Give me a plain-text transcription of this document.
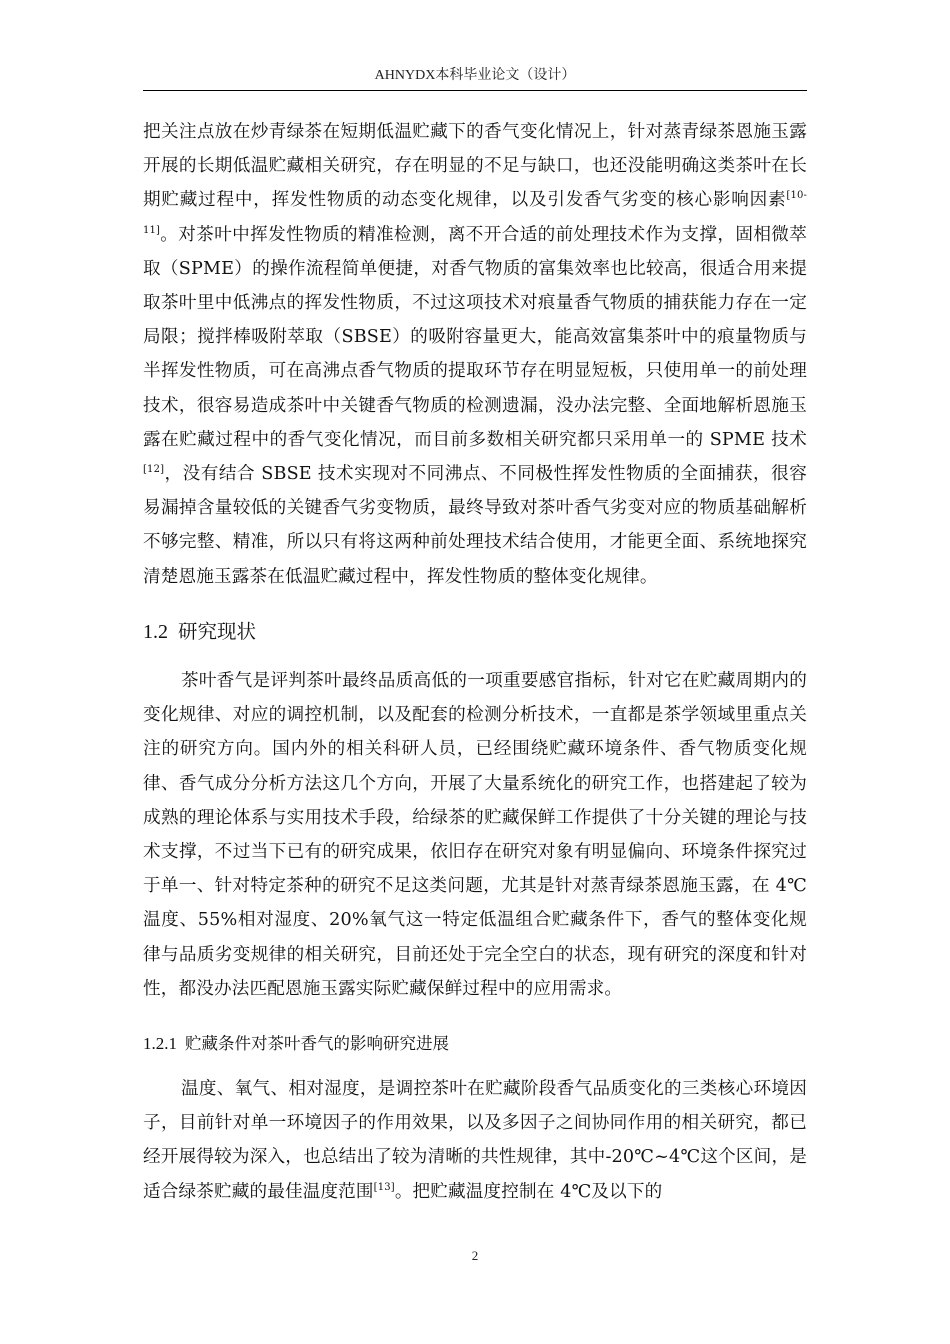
AHNYDX本科毕业论文（设计）

把关注点放在炒青绿茶在短期低温贮藏下的香气变化情况上，针对蒸青绿茶恩施玉露开展的长期低温贮藏相关研究，存在明显的不足与缺口，也还没能明确这类茶叶在长期贮藏过程中，挥发性物质的动态变化规律，以及引发香气劣变的核心影响因素[10-11]。对茶叶中挥发性物质的精准检测，离不开合适的前处理技术作为支撑，固相微萃取（SPME）的操作流程简单便捷，对香气物质的富集效率也比较高，很适合用来提取茶叶里中低沸点的挥发性物质，不过这项技术对痕量香气物质的捕获能力存在一定局限；搅拌棒吸附萃取（SBSE）的吸附容量更大，能高效富集茶叶中的痕量物质与半挥发性物质，可在高沸点香气物质的提取环节存在明显短板，只使用单一的前处理技术，很容易造成茶叶中关键香气物质的检测遗漏，没办法完整、全面地解析恩施玉露在贮藏过程中的香气变化情况，而目前多数相关研究都只采用单一的 SPME 技术[12]，没有结合 SBSE 技术实现对不同沸点、不同极性挥发性物质的全面捕获，很容易漏掉含量较低的关键香气劣变物质，最终导致对茶叶香气劣变对应的物质基础解析不够完整、精准，所以只有将这两种前处理技术结合使用，才能更全面、系统地探究清楚恩施玉露茶在低温贮藏过程中，挥发性物质的整体变化规律。

1.2 研究现状

茶叶香气是评判茶叶最终品质高低的一项重要感官指标，针对它在贮藏周期内的变化规律、对应的调控机制，以及配套的检测分析技术，一直都是茶学领域里重点关注的研究方向。国内外的相关科研人员，已经围绕贮藏环境条件、香气物质变化规律、香气成分分析方法这几个方向，开展了大量系统化的研究工作，也搭建起了较为成熟的理论体系与实用技术手段，给绿茶的贮藏保鲜工作提供了十分关键的理论与技术支撑，不过当下已有的研究成果，依旧存在研究对象有明显偏向、环境条件探究过于单一、针对特定茶种的研究不足这类问题，尤其是针对蒸青绿茶恩施玉露，在 4℃温度、55%相对湿度、20%氧气这一特定低温组合贮藏条件下，香气的整体变化规律与品质劣变规律的相关研究，目前还处于完全空白的状态，现有研究的深度和针对性，都没办法匹配恩施玉露实际贮藏保鲜过程中的应用需求。

1.2.1 贮藏条件对茶叶香气的影响研究进展

温度、氧气、相对湿度，是调控茶叶在贮藏阶段香气品质变化的三类核心环境因子，目前针对单一环境因子的作用效果，以及多因子之间协同作用的相关研究，都已经开展得较为深入，也总结出了较为清晰的共性规律，其中-20℃~4℃这个区间，是适合绿茶贮藏的最佳温度范围[13]。把贮藏温度控制在 4℃及以下的

2
